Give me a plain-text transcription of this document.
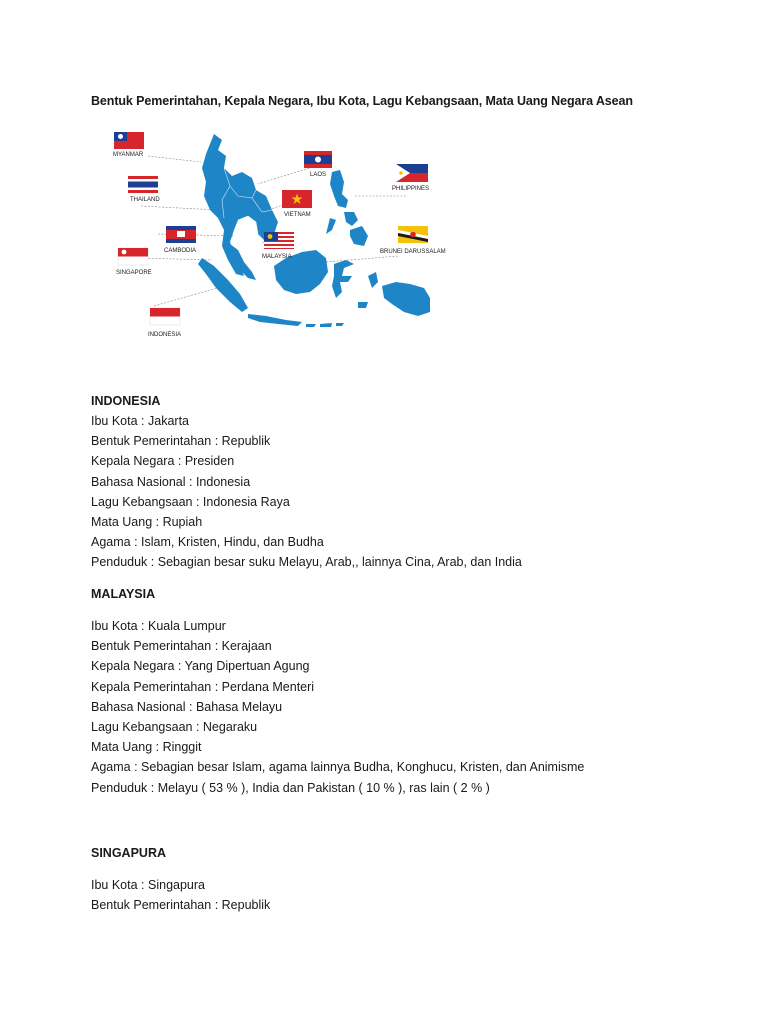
Bentuk Pemerintahan, Kepala Negara, Ibu Kota, Lagu Kebangsaan, Mata Uang Negara Asean
MYANMAR
THAILAND
CAMBODIA
SINGAPORE
INDONESIA
LAOS
VIETNAM
PHILIPPINES
MALAYSIA
BRUNEI DARUSSALAM
INDONESIA
Ibu Kota : Jakarta
Bentuk Pemerintahan : Republik
Kepala Negara : Presiden
Bahasa Nasional : Indonesia
Lagu Kebangsaan : Indonesia Raya
Mata Uang : Rupiah
Agama : Islam, Kristen, Hindu, dan Budha
Penduduk : Sebagian besar suku Melayu, Arab,, lainnya Cina, Arab, dan India
MALAYSIA
Ibu Kota : Kuala Lumpur
Bentuk Pemerintahan : Kerajaan
Kepala Negara : Yang Dipertuan Agung
Kepala Pemerintahan : Perdana Menteri
Bahasa Nasional : Bahasa Melayu
Lagu Kebangsaan : Negaraku
Mata Uang : Ringgit
Agama : Sebagian besar Islam, agama lainnya Budha, Konghucu, Kristen, dan Animisme
Penduduk : Melayu ( 53 % ), India dan Pakistan ( 10 % ), ras lain ( 2 % )
SINGAPURA
Ibu Kota : Singapura
Bentuk Pemerintahan : Republik
